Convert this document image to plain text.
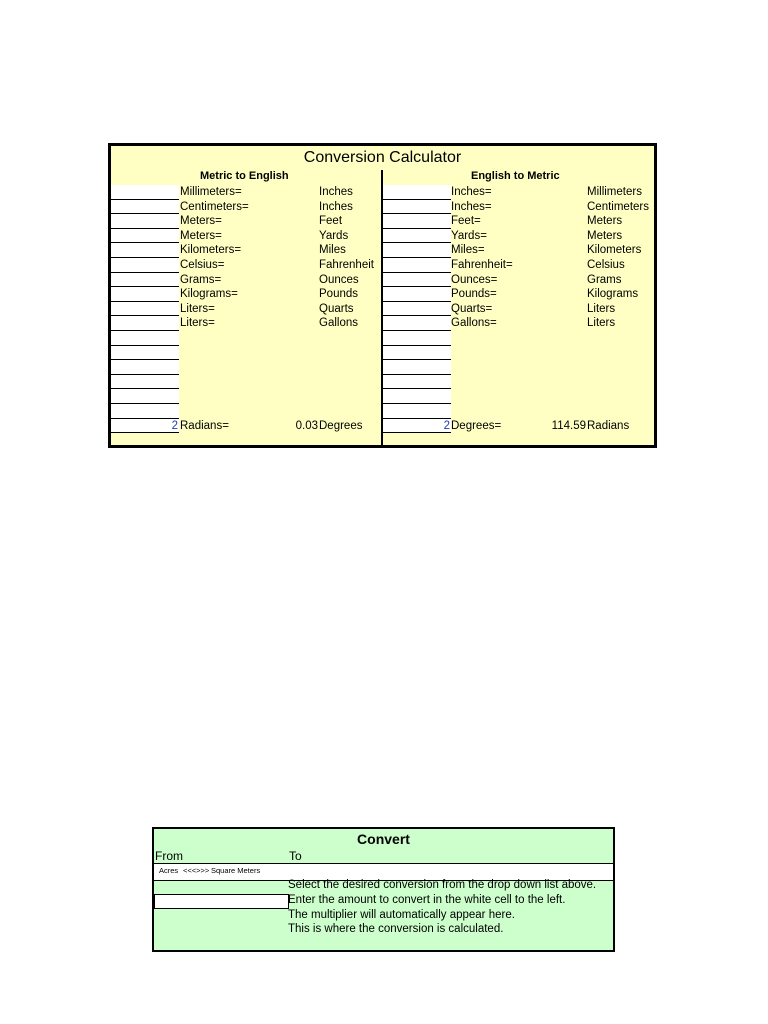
Conversion Calculator
Metric to English	English to Metric
Millimeters=	Inches
Centimeters=	Inches
Meters=	Feet
Meters=	Yards
Kilometers=	Miles
Celsius=	Fahrenheit
Grams=	Ounces
Kilograms=	Pounds
Liters=	Quarts
Liters=	Gallons
2 Radians=	0.03 Degrees
Inches=	Millimeters
Inches=	Centimeters
Feet=	Meters
Yards=	Meters
Miles=	Kilometers
Fahrenheit=	Celsius
Ounces=	Grams
Pounds=	Kilograms
Quarts=	Liters
Gallons=	Liters
2 Degrees=	114.59 Radians
Convert
From	To
Acres <<<>>> Square Meters
Select the desired conversion from the drop down list above.
Enter the amount to convert in the white cell to the left.
The multiplier will automatically appear here.
This is where the conversion is calculated.
